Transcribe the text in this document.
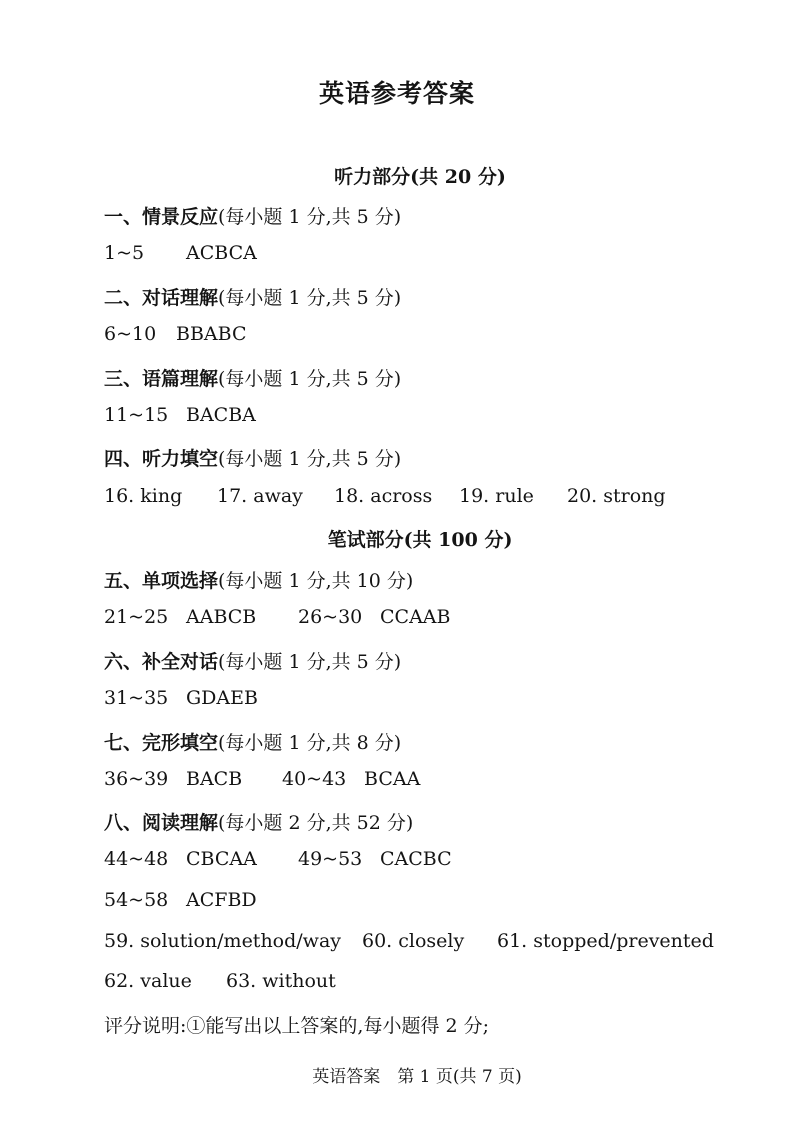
英语参考答案
听力部分(共 20 分)
一、情景反应(每小题 1 分,共 5 分)
1~5 ACBCA
二、对话理解(每小题 1 分,共 5 分)
6~10 BBABC
三、语篇理解(每小题 1 分,共 5 分)
11~15 BACBA
四、听力填空(每小题 1 分,共 5 分)
16. king 17. away 18. across 19. rule 20. strong
笔试部分(共 100 分)
五、单项选择(每小题 1 分,共 10 分)
21~25 AABCB 26~30 CCAAB
六、补全对话(每小题 1 分,共 5 分)
31~35 GDAEB
七、完形填空(每小题 1 分,共 8 分)
36~39 BACB 40~43 BCAA
八、阅读理解(每小题 2 分,共 52 分)
44~48 CBCAA 49~53 CACBC
54~58 ACFBD
59. solution/method/way 60. closely 61. stopped/prevented
62. value 63. without
评分说明:①能写出以上答案的,每小题得 2 分;
英语答案　第 1 页(共 7 页)
